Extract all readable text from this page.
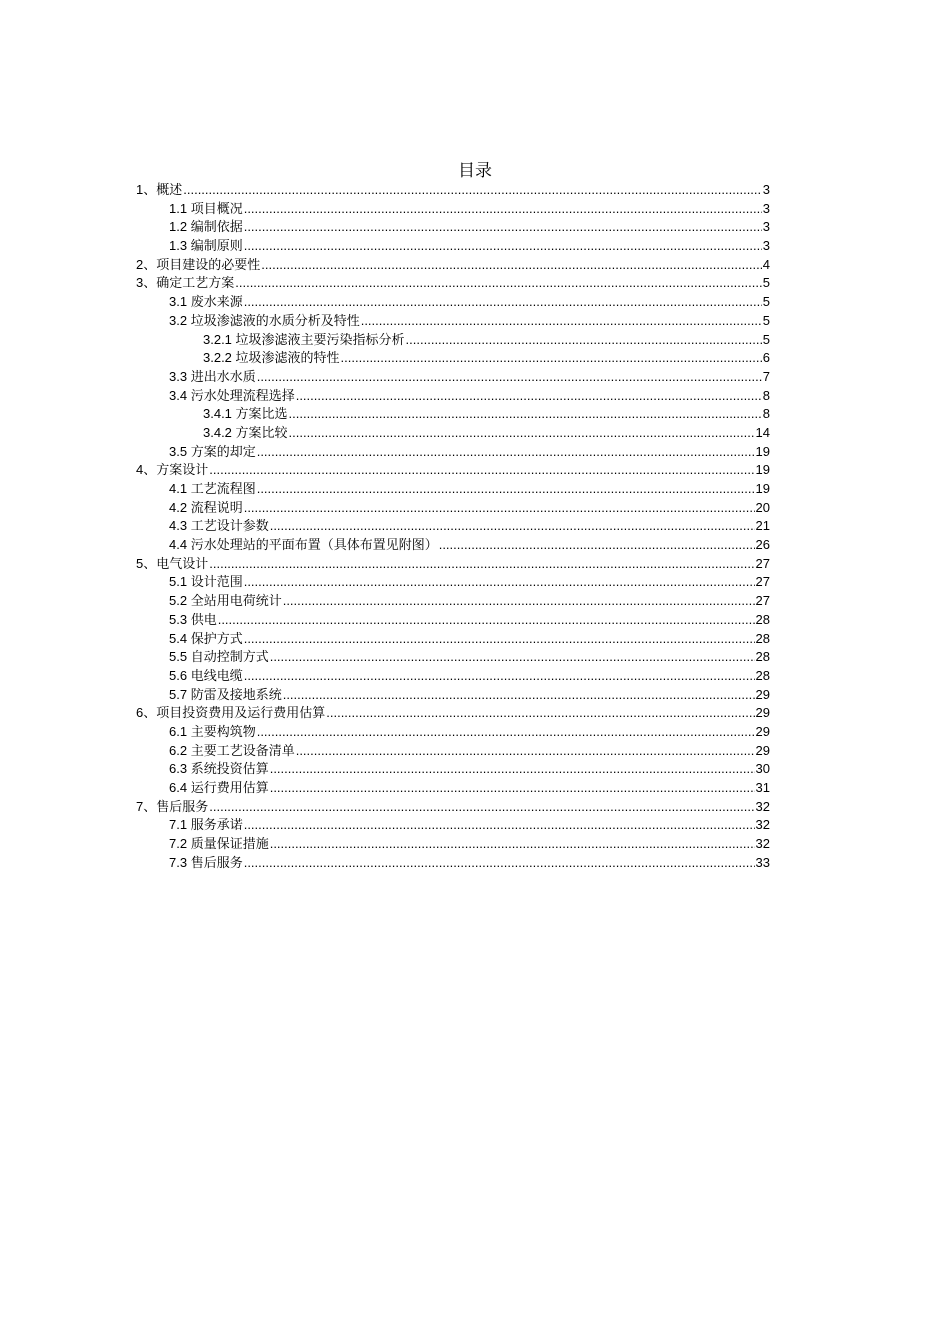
目录
1、 概述 .....	3
1.1 项目概况 .....	3
1.2 编制依据 .....	3
1.3 编制原则 .....	3
2、 项目建设的必要性 .....	4
3、 确定工艺方案 .....	5
3.1 废水来源 .....	5
3.2 垃圾渗滤液的水质分析及特性 .....	5
3.2.1 垃圾渗滤液主要污染指标分析 .....	5
3.2.2 垃圾渗滤液的特性 .....	6
3.3 进出水水质 .....	7
3.4 污水处理流程选择 .....	8
3.4.1 方案比选 .....	8
3.4.2 方案比较 .....	14
3.5 方案的却定 .....	19
4、 方案设计 .....	19
4.1 工艺流程图 .....	19
4.2 流程说明 .....	20
4.3 工艺设计参数 .....	21
4.4 污水处理站的平面布置（具体布置见附图） .....	26
5、 电气设计 .....	27
5.1 设计范围 .....	27
5.2 全站用电荷统计 .....	27
5.3 供电 .....	28
5.4 保护方式 .....	28
5.5 自动控制方式 .....	28
5.6 电线电缆 .....	28
5.7 防雷及接地系统 .....	29
6、 项目投资费用及运行费用估算 .....	29
6.1 主要构筑物 .....	29
6.2 主要工艺设备清单 .....	29
6.3 系统投资估算 .....	30
6.4 运行费用估算 .....	31
7、 售后服务 .....	32
7.1 服务承诺 .....	32
7.2 质量保证措施 .....	32
7.3 售后服务 .....	33
